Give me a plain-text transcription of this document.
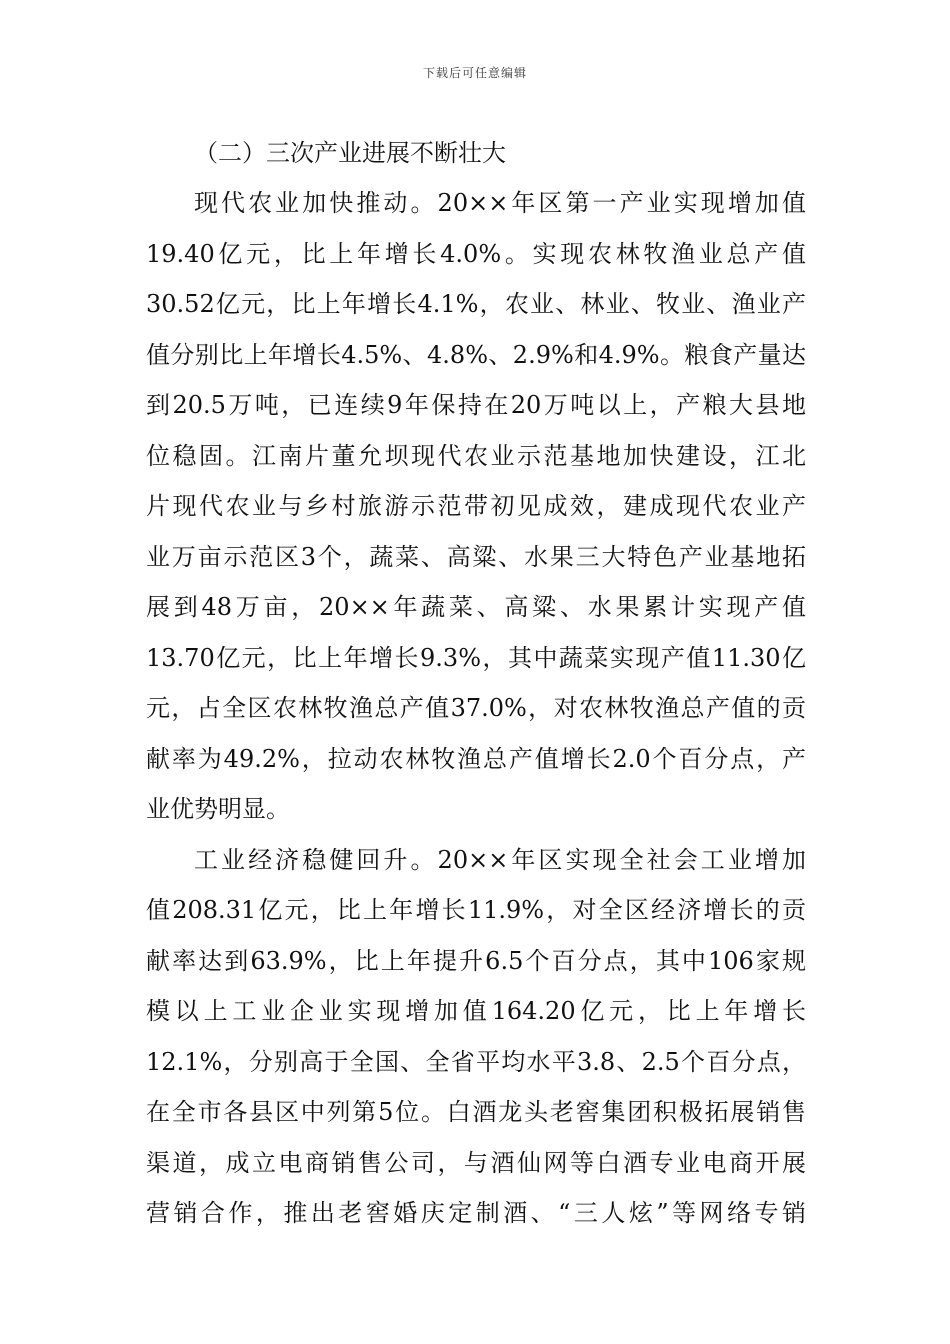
下载后可任意编辑
（二）三次产业进展不断壮大
现代农业加快推动。20××年区第一产业实现增加值
19.40亿元，比上年增长4.0%。实现农林牧渔业总产值
30.52亿元，比上年增长4.1%，农业、林业、牧业、渔业产
值分别比上年增长4.5%、4.8%、2.9%和4.9%。粮食产量达
到20.5万吨，已连续9年保持在20万吨以上，产粮大县地
位稳固。江南片董允坝现代农业示范基地加快建设，江北
片现代农业与乡村旅游示范带初见成效，建成现代农业产
业万亩示范区3个，蔬菜、高粱、水果三大特色产业基地拓
展到48万亩，20××年蔬菜、高粱、水果累计实现产值
13.70亿元，比上年增长9.3%，其中蔬菜实现产值11.30亿
元，占全区农林牧渔总产值37.0%，对农林牧渔总产值的贡
献率为49.2%，拉动农林牧渔总产值增长2.0个百分点，产
业优势明显。
工业经济稳健回升。20××年区实现全社会工业增加
值208.31亿元，比上年增长11.9%，对全区经济增长的贡
献率达到63.9%，比上年提升6.5个百分点，其中106家规
模以上工业企业实现增加值164.20亿元，比上年增长
12.1%，分别高于全国、全省平均水平3.8、2.5个百分点，
在全市各县区中列第5位。白酒龙头老窖集团积极拓展销售
渠道，成立电商销售公司，与酒仙网等白酒专业电商开展
营销合作，推出老窖婚庆定制酒、“三人炫”等网络专销
